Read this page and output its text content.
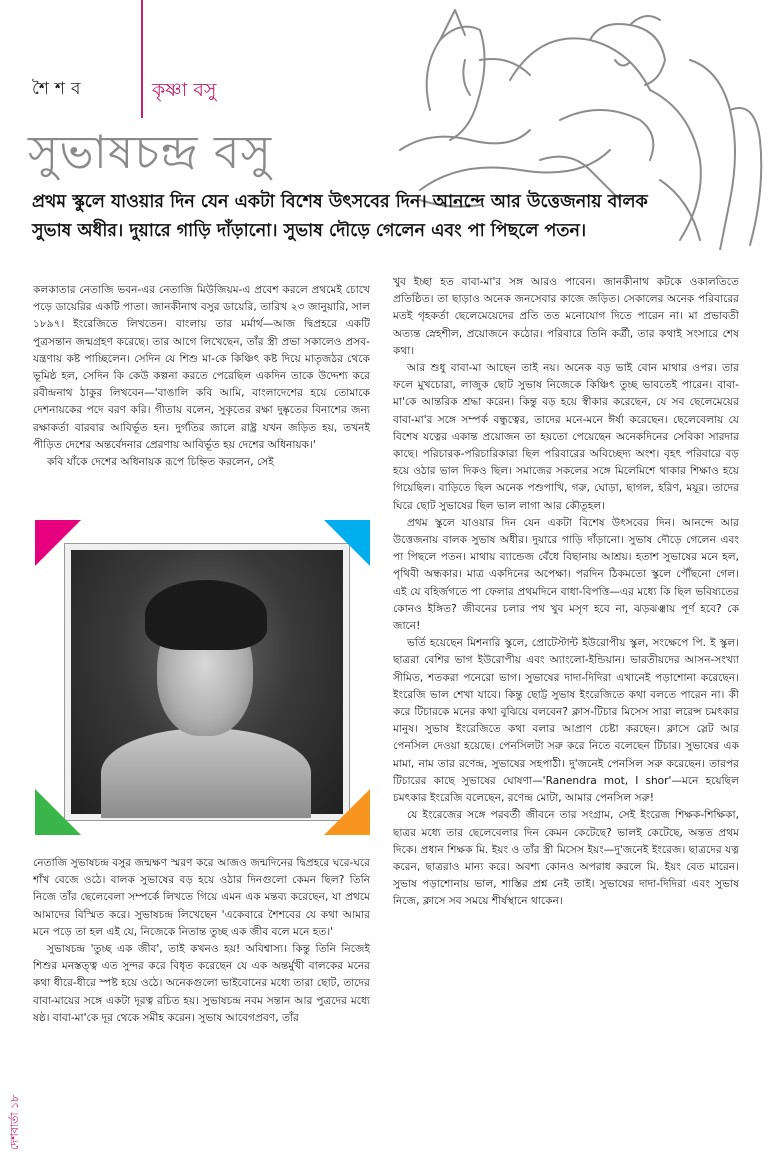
শৈশব	কৃষ্ণা বসু
সুভাষচন্দ্র বসু
প্রথম স্কুলে যাওয়ার দিন যেন একটা বিশেষ উৎসবের দিন। আনন্দে আর উত্তেজনায় বালক সুভাষ অধীর। দুয়ারে গাড়ি দাঁড়ানো। সুভাষ দৌড়ে গেলেন এবং পা পিছলে পতন।

কলকাতার নেতাজি ভবন-এর নেতাজি মিউজিয়ম-এ প্রবেশ করলে প্রথমেই চোখে পড়ে ডায়েরির একটি পাতা। জানকীনাথ বসুর ডায়েরি, তারিখ ২৩ জানুয়ারি, সাল ১৮৯৭। ইংরেজিতে লিখতেন। বাংলায় তার মর্মার্থ—আজ দ্বিপ্রহরে একটি পুত্রসন্তান জন্মগ্রহণ করেছে। তার আগে লিখেছেন, তাঁর স্ত্রী প্রভা সকালেও প্রসব-যন্ত্রণায় কষ্ট পাচ্ছিলেন। সেদিন যে শিশু মা-কে কিঞ্চিৎ কষ্ট দিয়ে মাতৃজঠর থেকে ভূমিষ্ঠ হল, সেদিন কি কেউ কল্পনা করতে পেরেছিল একদিন তাকে উদ্দেশ্য করে রবীন্দ্রনাথ ঠাকুর লিখবেন—'বাঙালি কবি আমি, বাংলাদেশের হয়ে তোমাকে দেশনায়কের পদে বরণ করি। গীতায় বলেন, সুকৃতের রক্ষা দুষ্কৃতের বিনাশের জন্য রক্ষাকর্তা বারবার আবির্ভূত হন। দুর্গতির জালে রাষ্ট্র যখন জড়িত হয়, তখনই পীড়িত দেশের অন্তর্বেদনার প্রেরণায় আবির্ভূত হয় দেশের অধিনায়ক।'

কবি যাঁকে দেশের অধিনায়ক রূপে চিহ্নিত করলেন, সেই

নেতাজি সুভাষচন্দ্র বসুর জন্মক্ষণ স্মরণ করে আজও জন্মদিনের দ্বিপ্রহরে ঘরে-ঘরে শাঁখ বেজে ওঠে। বালক সুভাষের বড় হয়ে ওঠার দিনগুলো কেমন ছিল? তিনি নিজে তাঁর ছেলেবেলা সম্পর্কে লিখতে গিয়ে এমন এক মন্তব্য করেছেন, যা প্রথমে আমাদের বিস্মিত করে। সুভাষচন্দ্র লিখেছেন 'একেবারে শৈশবের যে কথা আমার মনে পড়ে তা হল এই যে, নিজেকে নিতান্ত তুচ্ছ এক জীব বলে মনে হত।'

সুভাষচন্দ্র 'তুচ্ছ এক জীব', তাই কখনও হয়! অবিশ্বাস্য। কিন্তু তিনি নিজেই শিশুর মনস্তত্ত্ব এত সুন্দর করে বিধৃত করেছেন যে এক অন্তর্মুখী বালকের মনের কথা ধীরে-ধীরে স্পষ্ট হয়ে ওঠে। অনেকগুলো ভাইবোনের মধ্যে তারা ছোট, তাদের বাবা-মায়ের সঙ্গে একটা দূরত্ব রচিত হয়। সুভাষচন্দ্র নবম সন্তান আর পুত্রদের মধ্যে ষষ্ঠ। বাবা-মা'কে দূর থেকে সমীহ করেন। সুভাষ আবেগপ্রবণ, তাঁর

খুব ইচ্ছা হত বাবা-মা'র সঙ্গ আরও পাবেন। জানকীনাথ কটকে ওকালতিতে প্রতিষ্ঠিত। তা ছাড়াও অনেক জনসেবার কাজে জড়িত। সেকালের অনেক পরিবারের মতই গৃহকর্তা ছেলেমেয়েদের প্রতি তত মনোযোগ দিতে পারেন না। মা প্রভাবতী অত্যন্ত স্নেহশীল, প্রয়োজনে কঠোর। পরিবারে তিনি কর্ত্রী, তার কথাই সংসারে শেষ কথা।

আর শুধু বাবা-মা আছেন তাই নয়। অনেক বড় ভাই বোন মাথার ওপর। তার ফলে মুখচোরা, লাজুক ছোট সুভাষ নিজেকে কিঞ্চিৎ তুচ্ছ ভাবতেই পারেন। বাবা-মা'কে আন্তরিক শ্রদ্ধা করেন। কিন্তু বড় হয়ে স্বীকার করেছেন, যে সব ছেলেমেয়ের বাবা-মা'র সঙ্গে সম্পর্ক বন্ধুত্বের, তাদের মনে-মনে ঈর্ষা করেছেন। ছেলেবেলায় যে বিশেষ যত্নের একান্ত প্রয়োজন তা হয়তো পেয়েছেন অনেকদিনের সেবিকা সারদার কাছে। পরিচারক-পরিচারিকারা ছিল পরিবারের অবিচ্ছেদ্য অংশ। বৃহৎ পরিবারে বড় হয়ে ওঠার ভাল দিকও ছিল। সমাজের সকলের সঙ্গে মিলেমিশে থাকার শিক্ষাও হয়ে গিয়েছিল। বাড়িতে ছিল অনেক পশুপাখি, গরু, ঘোড়া, ছাগল, হরিণ, ময়ূর। তাদের ঘিরে ছোট সুভাষের ছিল ভাল লাগা আর কৌতূহল।

প্রথম স্কুলে যাওয়ার দিন যেন একটা বিশেষ উৎসবের দিন। আনন্দে আর উত্তেজনায় বালক সুভাষ অধীর। দুয়ারে গাড়ি দাঁড়ানো। সুভাষ দৌড়ে গেলেন এবং পা পিছলে পতন। মাথায় ব্যান্ডেজ বেঁধে বিছানায় আশ্রয়। হতাশ সুভাষের মনে হল, পৃথিবী অন্ধকার। মাত্র একদিনের অপেক্ষা। পরদিন ঠিকমতো স্কুলে পৌঁছনো গেল। এই যে বহির্জগতে পা ফেলার প্রথমদিনে বাধা-বিপত্তি—এর মধ্যে কি ছিল ভবিষ্যতের কোনও ইঙ্গিত? জীবনের চলার পথ খুব মসৃণ হবে না, ঝড়ঝঞ্ঝায় পূর্ণ হবে? কে জানে!

ভর্তি হয়েছেন মিশনারি স্কুলে, প্রোটেস্টান্ট ইউরোপীয় স্কুল, সংক্ষেপে পি. ই স্কুল। ছাত্ররা বেশির ভাগ ইউরোপীয় এবং অ্যাংলো-ইন্ডিয়ান। ভারতীয়দের আসন-সংখ্যা সীমিত, শতকরা পনেরো ভাগ। সুভাষের দাদা-দিদিরা এখানেই পড়াশোনা করেছেন। ইংরেজি ভাল শেখা যাবে। কিন্তু ছোট্ট সুভাষ ইংরেজিতে কথা বলতে পারেন না। কী করে টিচারকে মনের কথা বুঝিয়ে বলবেন? ক্লাস-টিচার মিসেস সারা লরেন্স চমৎকার মানুষ। সুভাষ ইংরেজিতে কথা বলার আপ্রাণ চেষ্টা করছেন। ক্লাসে স্লেট আর পেনসিল দেওয়া হয়েছে। পেনসিলটা সরু করে নিতে বলেছেন টিচার। সুভাষের এক মামা, নাম তার রণেন্দ্র, সুভাষের সহপাঠী। দু'জনেই পেনসিল সরু করেছেন। তারপর টিচারের কাছে সুভাষের ঘোষণা—'Ranendra mot, I shor'—মনে হয়েছিল চমৎকার ইংরেজি বলেছেন, রণেন্দ্র মোটা, আমার পেনসিল সরু!

যে ইংরেজের সঙ্গে পরবর্তী জীবনে তার সংগ্রাম, সেই ইংরেজ শিক্ষক-শিক্ষিকা, ছাত্রর মধ্যে তার ছেলেবেলার দিন কেমন কেটেছে? ভালই কেটেছে, অন্তত প্রথম দিকে। প্রধান শিক্ষক মি. ইয়ং ও তাঁর স্ত্রী মিসেস ইয়ং—দু'জনেই ইংরেজ। ছাত্রদের যত্ন করেন, ছাত্ররাও মান্য করে। অবশ্য কোনও অপরাধ করলে মি. ইয়ং বেত মারেন। সুভাষ পড়াশোনায় ভাল, শাস্তির প্রশ্ন নেই তাই। সুভাষের দাদা-দিদিরা এবং সুভাষ নিজে, ক্লাসে সব সময়ে শীর্ষস্থানে থাকেন।

দেশবার্তা ১৮
